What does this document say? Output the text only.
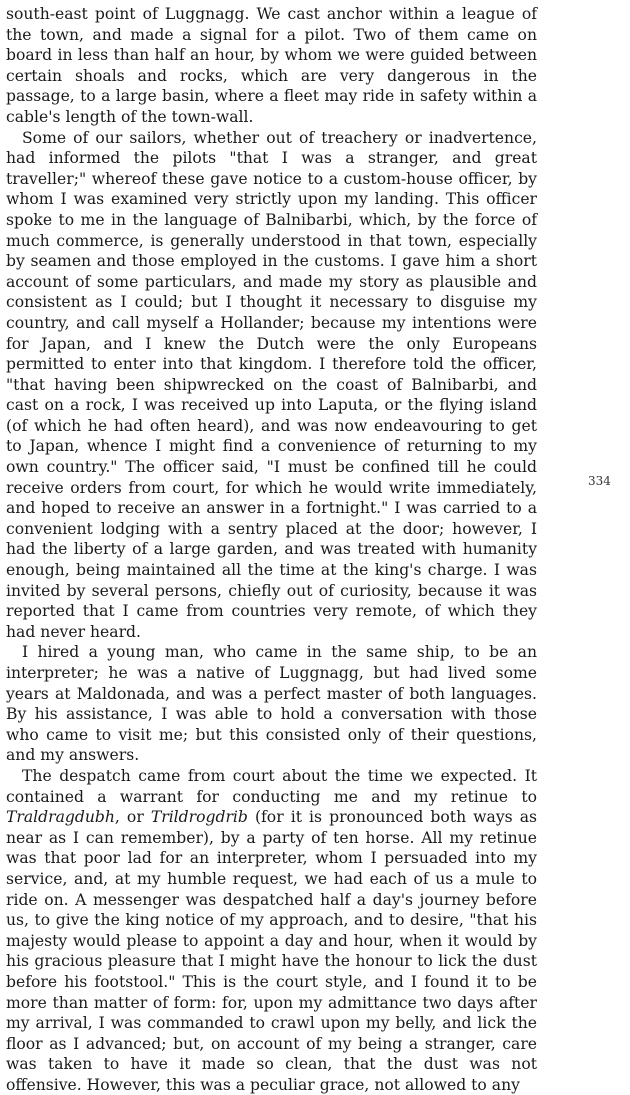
south-east point of Luggnagg. We cast anchor within a league of the town, and made a signal for a pilot. Two of them came on board in less than half an hour, by whom we were guided between certain shoals and rocks, which are very dangerous in the passage, to a large basin, where a fleet may ride in safety within a cable's length of the town-wall.

Some of our sailors, whether out of treachery or inadvertence, had informed the pilots "that I was a stranger, and great traveller;" whereof these gave notice to a custom-house officer, by whom I was examined very strictly upon my landing. This officer spoke to me in the language of Balnibarbi, which, by the force of much commerce, is generally understood in that town, especially by seamen and those employed in the customs. I gave him a short account of some particulars, and made my story as plausible and consistent as I could; but I thought it necessary to disguise my country, and call myself a Hollander; because my intentions were for Japan, and I knew the Dutch were the only Europeans permitted to enter into that kingdom. I therefore told the officer, "that having been shipwrecked on the coast of Balnibarbi, and cast on a rock, I was received up into Laputa, or the flying island (of which he had often heard), and was now endeavouring to get to Japan, whence I might find a convenience of returning to my own country." The officer said, "I must be confined till he could receive orders from court, for which he would write immediately, and hoped to receive an answer in a fortnight." I was carried to a convenient lodging with a sentry placed at the door; however, I had the liberty of a large garden, and was treated with humanity enough, being maintained all the time at the king's charge. I was invited by several persons, chiefly out of curiosity, because it was reported that I came from countries very remote, of which they had never heard.

I hired a young man, who came in the same ship, to be an interpreter; he was a native of Luggnagg, but had lived some years at Maldonada, and was a perfect master of both languages. By his assistance, I was able to hold a conversation with those who came to visit me; but this consisted only of their questions, and my answers.

The despatch came from court about the time we expected. It contained a warrant for conducting me and my retinue to Traldragdubh, or Trildrogdrib (for it is pronounced both ways as near as I can remember), by a party of ten horse. All my retinue was that poor lad for an interpreter, whom I persuaded into my service, and, at my humble request, we had each of us a mule to ride on. A messenger was despatched half a day's journey before us, to give the king notice of my approach, and to desire, "that his majesty would please to appoint a day and hour, when it would by his gracious pleasure that I might have the honour to lick the dust before his footstool." This is the court style, and I found it to be more than matter of form: for, upon my admittance two days after my arrival, I was commanded to crawl upon my belly, and lick the floor as I advanced; but, on account of my being a stranger, care was taken to have it made so clean, that the dust was not offensive. However, this was a peculiar grace, not allowed to any

334
